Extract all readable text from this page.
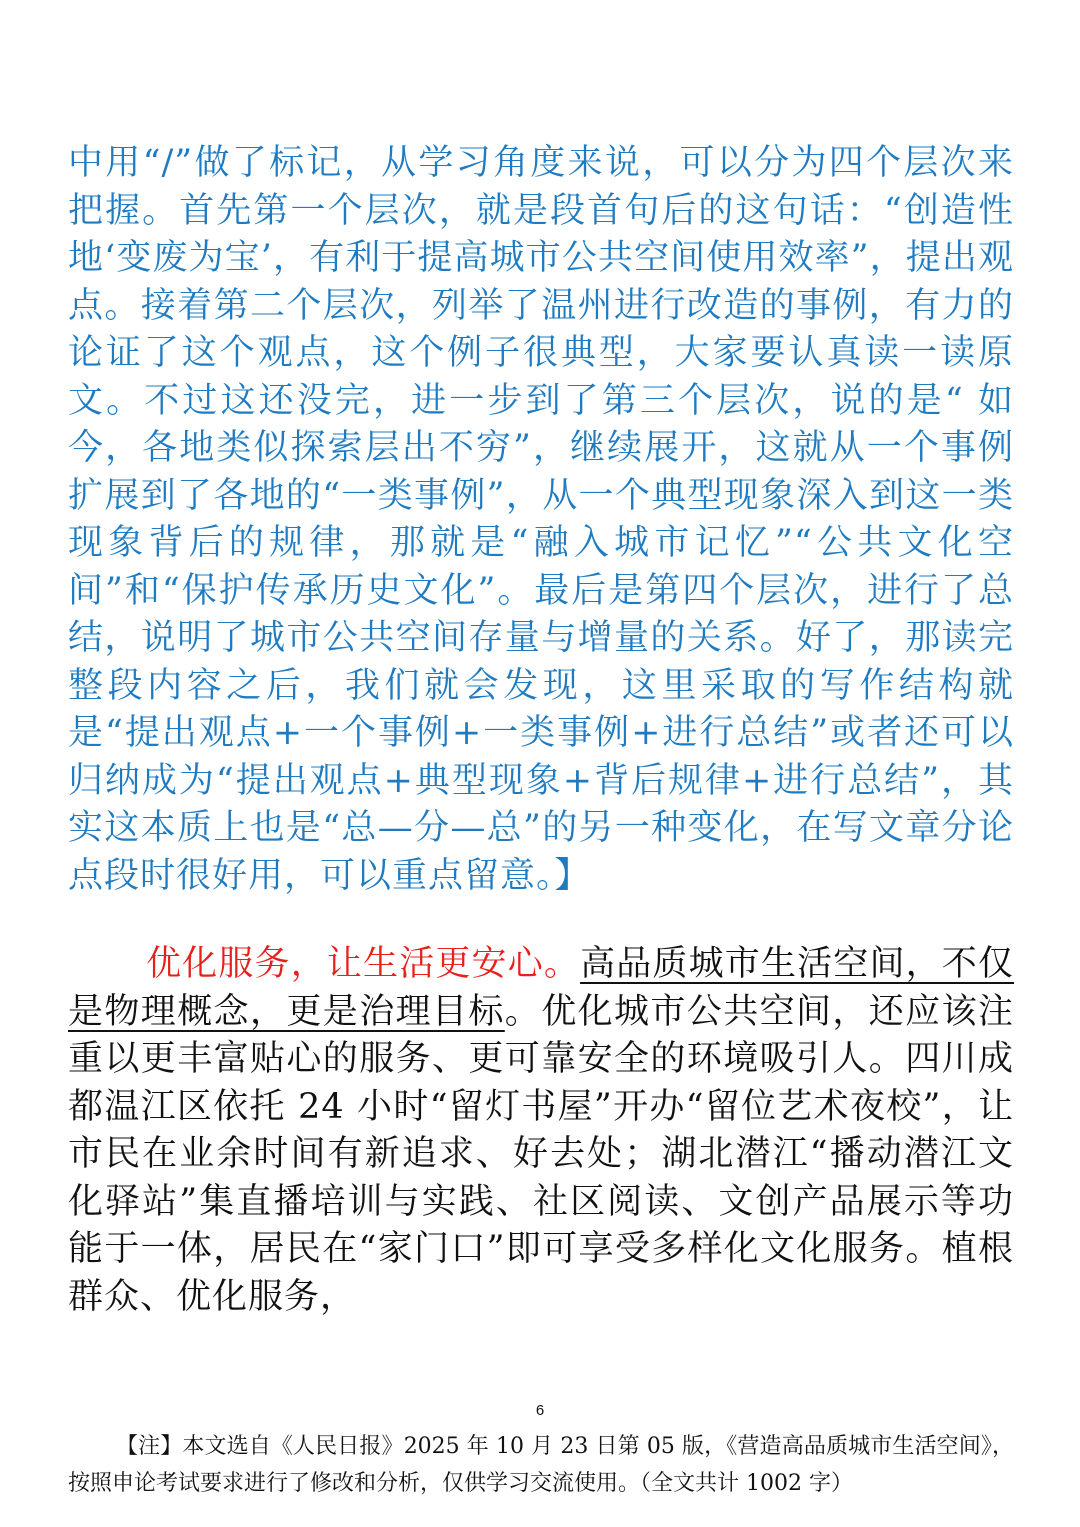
中用“/”做了标记，从学习角度来说，可以分为四个层次来把握。首先第一个层次，就是段首句后的这句话：“创造性地‘变废为宝’，有利于提高城市公共空间使用效率”，提出观点。接着第二个层次，列举了温州进行改造的事例，有力的论证了这个观点，这个例子很典型，大家要认真读一读原文。不过这还没完，进一步到了第三个层次，说的是“ 如今，各地类似探索层出不穷”，继续展开，这就从一个事例扩展到了各地的“一类事例”，从一个典型现象深入到这一类现象背后的规律，那就是“融入城市记忆”“公共文化空间”和“保护传承历史文化”。最后是第四个层次，进行了总结，说明了城市公共空间存量与增量的关系。好了，那读完整段内容之后，我们就会发现，这里采取的写作结构就是“提出观点+一个事例+一类事例+进行总结”或者还可以归纳成为“提出观点+典型现象+背后规律+进行总结”，其实这本质上也是“总—分—总”的另一种变化，在写文章分论点段时很好用，可以重点留意。】
优化服务，让生活更安心。高品质城市生活空间，不仅是物理概念，更是治理目标。优化城市公共空间，还应该注重以更丰富贴心的服务、更可靠安全的环境吸引人。四川成都温江区依托 24 小时“留灯书屋”开办“留位艺术夜校”，让市民在业余时间有新追求、好去处；湖北潜江“播动潜江文化驿站”集直播培训与实践、社区阅读、文创产品展示等功能于一体，居民在“家门口”即可享受多样化文化服务。植根群众、优化服务，
6
【注】本文选自《人民日报》2025 年 10 月 23 日第 05 版，《营造高品质城市生活空间》，按照申论考试要求进行了修改和分析，仅供学习交流使用。（全文共计 1002 字）
